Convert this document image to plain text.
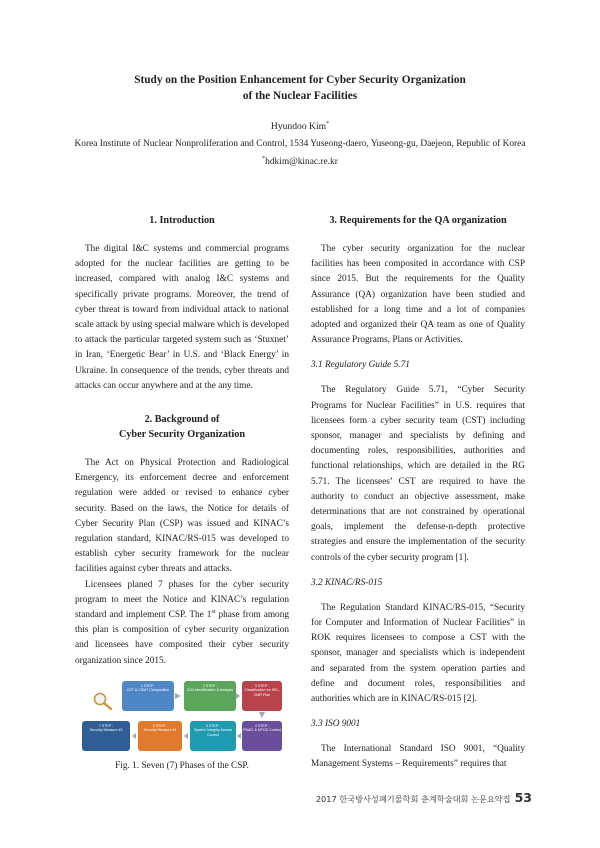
Study on the Position Enhancement for Cyber Security Organization
of the Nuclear Facilities
Hyundoo Kim*
Korea Institute of Nuclear Nonproliferation and Control, 1534 Yuseong-daero, Yuseong-gu, Daejeon, Republic of Korea
*hdkim@kinac.re.kr

1. Introduction

The digital I&C systems and commercial programs adopted for the nuclear facilities are getting to be increased, compared with analog I&C systems and specifically private programs. Moreover, the trend of cyber threat is toward from individual attack to national scale attack by using special malware which is developed to attack the particular targeted system such as ‘Stuxnet’ in Iran, ‘Energetic Bear’ in U.S. and ‘Black Energy’ in Ukraine. In consequence of the trends, cyber threats and attacks can occur anywhere and at the any time.

2. Background of

Cyber Security Organization

The Act on Physical Protection and Radiological Emergency, its enforcement decree and enforcement regulation were added or revised to enhance cyber security. Based on the laws, the Notice for details of Cyber Security Plan (CSP) was issued and KINAC’s regulation standard, KINAC/RS-015 was developed to establish cyber security framework for the nuclear facilities against cyber threats and attacks.

Licensees planed 7 phases for the cyber security program to meet the Notice and KINAC’s regulation standard and implement CSP. The 1st phase from among this plan is composition of cyber security organization and licensees have composited their cyber security organization since 2015.

1 STEP :
CST & CSMT Composition
2 STEP :
CDA Identification & Analysis
3 STEP :
Classification for SEL, CMR Plan
7 STEP :
Security Measure #2
6 STEP :
Security Measure #1
5 STEP :
System Integrity Access Control
4 STEP :
PM&C & MTCD Control

Fig. 1. Seven (7) Phases of the CSP.

3. Requirements for the QA organization

The cyber security organization for the nuclear facilities has been composited in accordance with CSP since 2015. But the requirements for the Quality Assurance (QA) organization have been studied and established for a long time and a lot of companies adopted and organized their QA team as one of Quality Assurance Programs, Plans or Activities.

3.1 Regulatory Guide 5.71

The Regulatory Guide 5.71, “Cyber Security Programs for Nuclear Facilities” in U.S. requires that licensees form a cyber security team (CST) including sponsor, manager and specialists by defining and documenting roles, responsibilities, authorities and functional relationships, which are detailed in the RG 5.71. The licensees’ CST are required to have the authority to conduct an objective assessment, make determinations that are not constrained by operational goals, implement the defense-n-depth protective strategies and ensure the implementation of the security controls of the cyber security program [1].

3.2 KINAC/RS-015

The Regulation Standard KINAC/RS-015, “Security for Computer and Information of Nuclear Facilities” in ROK requires licensees to compose a CST with the sponsor, manager and specialists which is independent and separated from the system operation parties and define and document roles, responsibilities and authorities which are in KINAC/RS-015 [2].

3.3 ISO 9001

The International Standard ISO 9001, “Quality Management Systems – Requirements” requires that

2017 한국방사성폐기물학회 춘계학술대회 논문요약집 53
